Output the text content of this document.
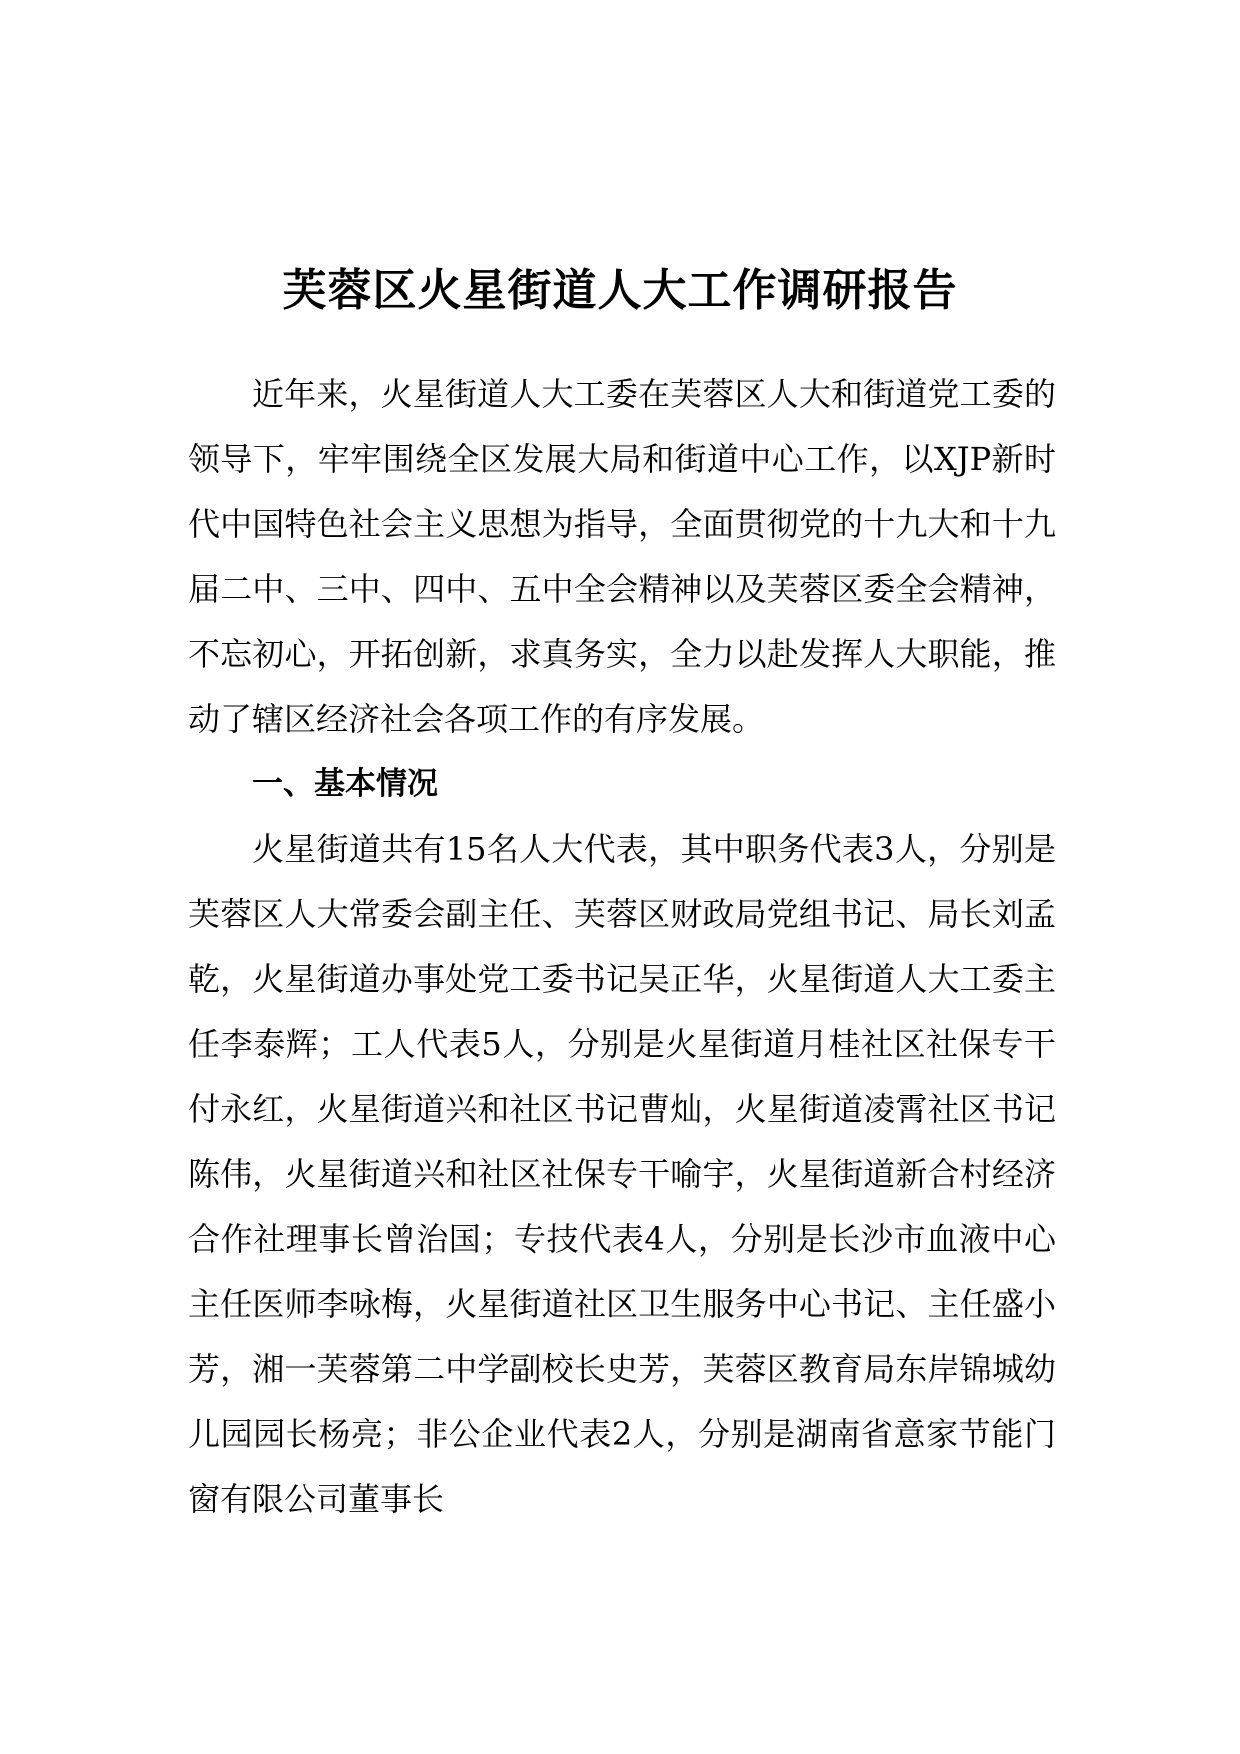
芙蓉区火星街道人大工作调研报告

近年来，火星街道人大工委在芙蓉区人大和街道党工委的领导下，牢牢围绕全区发展大局和街道中心工作，以XJP新时代中国特色社会主义思想为指导，全面贯彻党的十九大和十九届二中、三中、四中、五中全会精神以及芙蓉区委全会精神，不忘初心，开拓创新，求真务实，全力以赴发挥人大职能，推动了辖区经济社会各项工作的有序发展。

一、基本情况

火星街道共有15名人大代表，其中职务代表3人，分别是芙蓉区人大常委会副主任、芙蓉区财政局党组书记、局长刘孟乾，火星街道办事处党工委书记吴正华，火星街道人大工委主任李泰辉；工人代表5人，分别是火星街道月桂社区社保专干付永红，火星街道兴和社区书记曹灿，火星街道凌霄社区书记陈伟，火星街道兴和社区社保专干喻宇，火星街道新合村经济合作社理事长曾治国；专技代表4人，分别是长沙市血液中心主任医师李咏梅，火星街道社区卫生服务中心书记、主任盛小芳，湘一芙蓉第二中学副校长史芳，芙蓉区教育局东岸锦城幼儿园园长杨亮；非公企业代表2人，分别是湖南省意家节能门窗有限公司董事长
